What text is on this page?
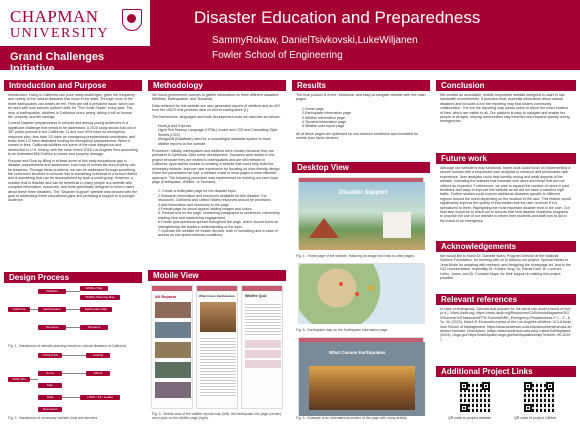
CHAPMAN
UNIVERSITY
Grand Challenges Initiative
Disaster Education and Preparedness
SammyRokaw, DanielTsivkovski,LukeWiljanen
Fowler School of Engineering
Introduction and Purpose

Introduction: Living in California can pose many challenges, given the frequency and variety of the natural disasters that occur in the state. Through none of the three earthquakes can clearly be felt. Fires are still a prevalent issue, which can be seen with how schools perform drills for "The Great Shake" every year. The drop of earthquakes, wildfires in California occur yearly, taking a toll on human life, property, and life savings.

Current Disaster preparedness in schools and among young audiences is a significant challenge that needs to be addressed. A 2020 study shows that out of 357 public schools in the California, 11 and over 60% have no emergency response plan, less than 1/3 have an emergency preparedness coordinator, and fewer than 1/3 have dedicated funding for emergency preparedness. When it comes to fires, California wildfires are some of the most dangerous and destructive in U.S. history, with the most recent 2018 Los Angeles fires amounting to an estimated $66.5 billion in losses and property damage.

Purpose and Goal by filling in at least some of this early educational gap in disaster preparedness and awareness, such loss of human life and property can be lessened. Through these problems, we can be addressed through something the curriculum structure in schools: this is something individual to a school district and is something that can be accomplished by such a small group. However, a solution that is feasible and can be beneficial to many people is a website with compiled information, resources, and tools specifically designed to inform users about these three disasters. The "Disaster Support" website was devised with the goal of addressing these educational gaps and providing a support to a younger audience.

Design Process
California
Wildfires
Earthquakes
Tsunamis
Wildfire Map
Wildfire Planning Map
Earthquake Map
Tsunamis
Fig. 1 - Breakdown of website planning based on natural disasters in California
Static Site
HTML/CSS
Home
Map
Data
Resources
Hosting
Github
HTML / JS / Leaflet
Fig. 2 - Breakdown of necessary website tools and services
Methodology

We found government sources to gather information on three different disasters: Wildfires, Earthquakes, and Tsunamis.

Data retrieved for this website are user-generated reports of wildfires and an API from the USGS that provides data on recent earthquakes [1].

The frameworks, languages and tools development tools we used are as follows:

Node.js and Express
HyperText Markup Language (HTML) model and CSS and Cascading Style Sheets (CSS)
MongoDB (Database) used for a noncollegial database system to track wildfire reports on the website.

Procedure: Initially, earthquakes and wildfires were chosen because they are prevalent in California. After some development, Tsunamis were added to the project because they are related to earthquakes and are still relevant in California. Approaches include to creating a website that could help build the necessary website. Improve user experience by focusing on user-friendly design. Given the parameters we had, a website made of most pages a more effective approach. The following procedure was implemented for building out each topic page (Earthquake, Wildfire, or Tsunami):

1. Create a boilerplate page for the disaster topic.
2.Research information and resources available for this disaster. For resources, California and United States resources should be prioritized.
3.Add information and resources to the page.
4.Format page for visual appeal, adding images and colors.
5. Reduce text on the page, shortening paragraphs to sentences, minimizing reading time and maximizing engagement.
6.Create quiz questions spread throughout the page, which should focus on strengthening the reader's understanding of the topic.
7.Optimize the website for mobile devices, both in formatting and in ease of access on low speed network conditions.
Mobile View
All Reports	What Cases Earthquakes	Wildfire Quiz
Fig. 3 - Mobile view of the wildfire reports map (left), the earthquake info page (center), and a quiz on the wildfire page (right).
Results

The final product is a free, functional, and easy-to-navigate website with five main pages:

1.Home page
2.Earthquake information page
3.Wildfire information page
4.Tsunami information page
5.Wildfire user report page

All of these pages are optimized for low-network conditions and formatted for mobile-form factor devices.

Desktop View
Disaster Support
Fig. 4 - Home page of the website, featuring an image and links to other pages.
Fig. 5 - Earthquake map on the Earthquake information page
What Causes Earthquakes
Fig. 6 - Example of an informational section of the page with many activity.
Conclusion

We created an accessible, mobile-responsive website designed to cater to low-bandwidth environments. It provides clear, essential information about natural disasters and includes a live fire reporting map that fosters community collaboration. The live fire reporting map allows users to report the exact location of fires, which are visible to all. Our platform is easy to navigate and enable the people of all ages, helping communities stay informed and respond quickly during emergencies.

Future work

Although our website is fully functional, future work could focus on implementing a secure domain with a responsive user analytics to enhance and personalize user experience. User analytics could help identify strong and weak aspects of the website, indicating the features that resonate with users and those that are not utilized as expected. Furthermore, we plan to expand the number of users in past feedback and ways to improve the website as we did not have a baseline high traffic. Further studies could explore additional disasters specific to different regions around the world depending on the location of the user. This feature would significantly improve the quality of information that the user receives if it is specialized to them. Highlighting the most important disaster level in the user. Our final step would be to reach out to schools that hold disaster readiness programs to propose the use of our website to inform their students and staff how to act in the event of an emergency.

Acknowledgements

We would like to thank Dr. Danielle Nutry, Program Director at the National Science Foundation, for meeting with us to discuss our project. Special thanks to Jena Mode for assisting with research and designing the homepage art, and to the GCI representative, especially Dr. Kristen Jong, Dr. Kamal Dahl, Dr. Lorenzo Letho, Jones, and Dr. Conrado Mays, for their support in making this project possible.

Relevant references

In case of emergency: Schools that prepare for the worst can avoid a world of hurt. (n.d.). Www.Usda.org. https://www.usda.org/Resources/CASchoolsMagazine/2020/Summer/InThisIssue/AFFN-SummerDRE_Emergency-Preparedness-F. L., Z., & Yu, W. (2023). March 8. Economic impact of the Los Angeles wildfires. UCLA Anderson School of Management. https://www.anderson.ucla.edu/about/centers/ucla-anderson-forecast. Description: (https://www.anderson.ucla.edu) Latest Earthquakes. (2024). Usgs.gov https://earthquake.usgs.gov/earthquakes/map/?extent=-90.30297

Additional Project Links
QR code to project website	QR code to project GitHub
